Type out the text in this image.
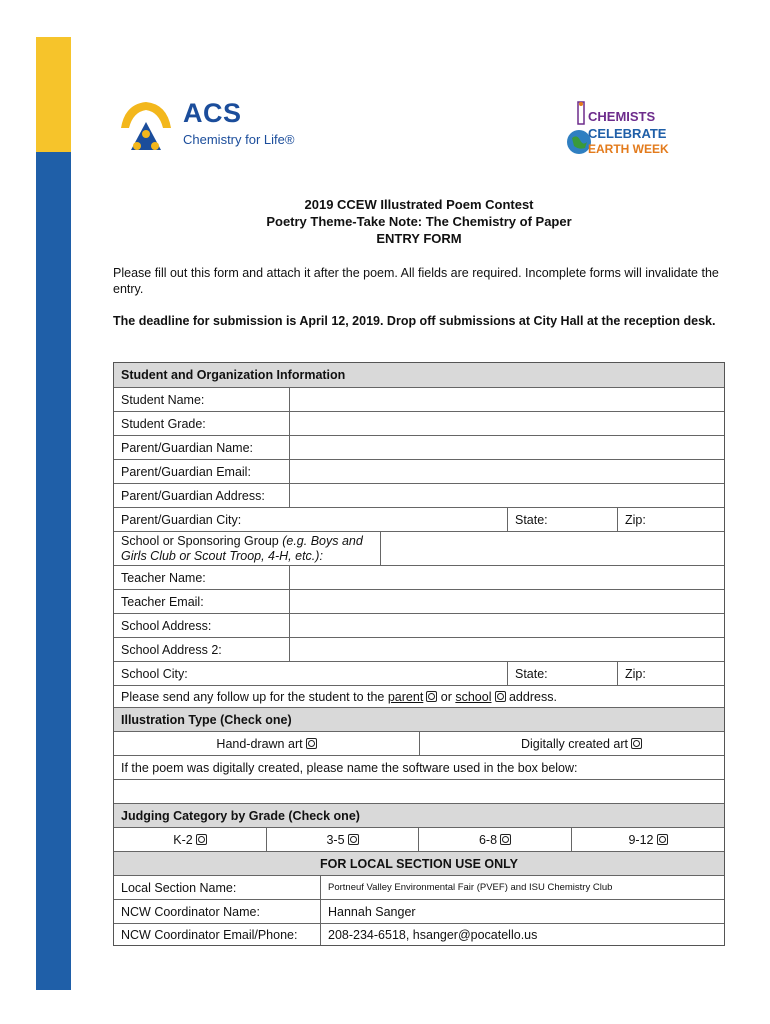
ACS
Chemistry for Life®
CHEMISTS
CELEBRATE
EARTH WEEK
2019 CCEW Illustrated Poem Contest
Poetry Theme-Take Note: The Chemistry of Paper
ENTRY FORM
Please fill out this form and attach it after the poem. All fields are required. Incomplete forms will invalidate the entry.
The deadline for submission is April 12, 2019. Drop off submissions at City Hall at the reception desk.
Student and Organization Information
Student Name:
Student Grade:
Parent/Guardian Name:
Parent/Guardian Email:
Parent/Guardian Address:
Parent/Guardian City:	State:	Zip:
School or Sponsoring Group (e.g. Boys and Girls Club or Scout Troop, 4-H, etc.):
Teacher Name:
Teacher Email:
School Address:
School Address 2:
School City:	State:	Zip:
Please send any follow up for the student to the parent or school address.
Illustration Type (Check one)
Hand-drawn art	Digitally created art
If the poem was digitally created, please name the software used in the box below:
Judging Category by Grade (Check one)
K-2	3-5	6-8	9-12
FOR LOCAL SECTION USE ONLY
Local Section Name:	Portneuf Valley Environmental Fair (PVEF) and ISU Chemistry Club
NCW Coordinator Name:	Hannah Sanger
NCW Coordinator Email/Phone:	208-234-6518, hsanger@pocatello.us
